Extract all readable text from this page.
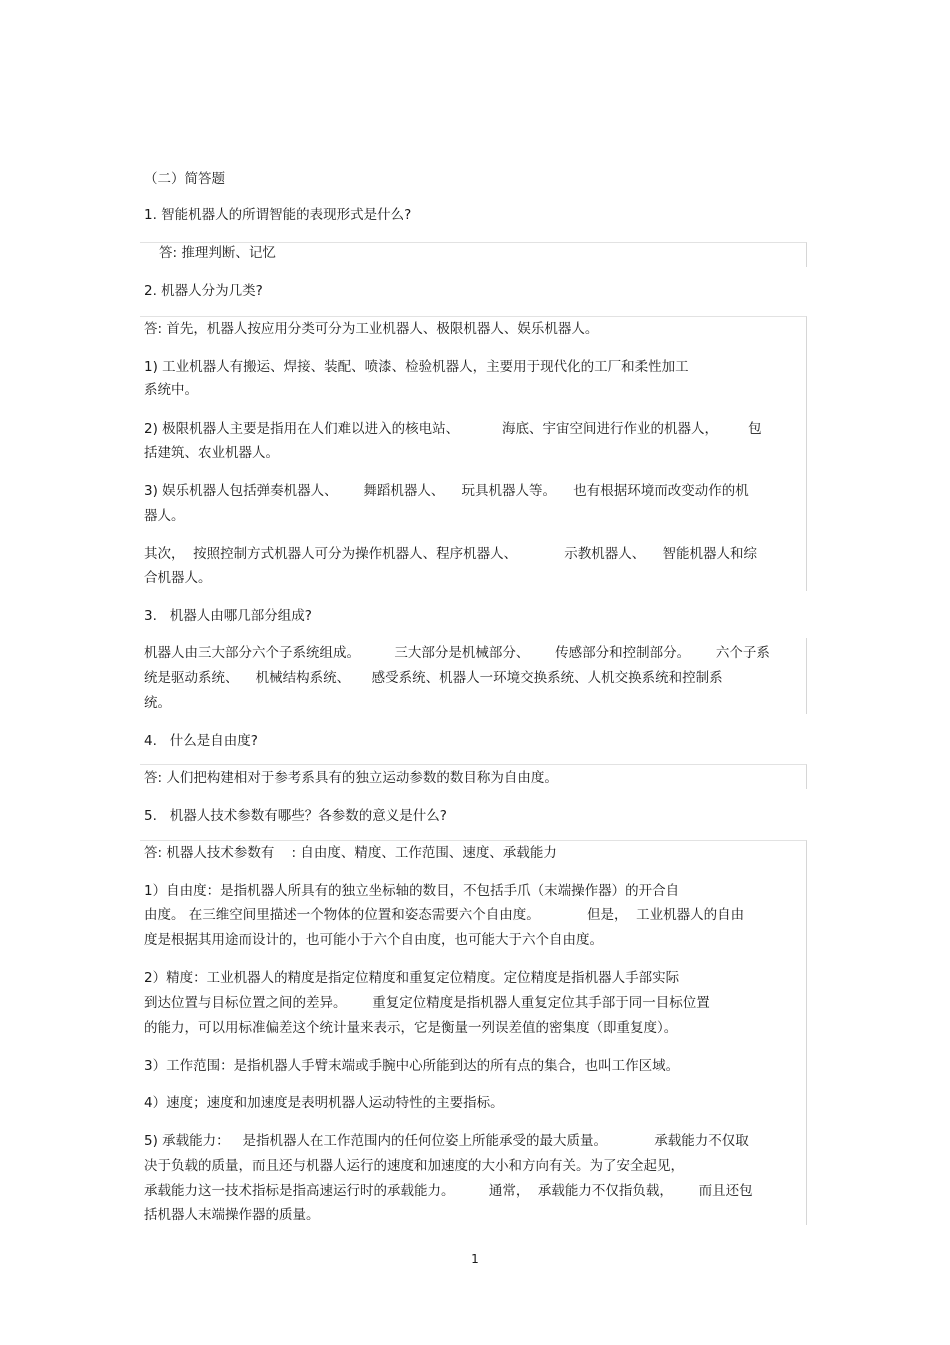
（二）简答题

1. 智能机器人的所谓智能的表现形式是什么?

答: 推理判断、记忆

2. 机器人分为几类?

答: 首先，机器人按应用分类可分为工业机器人、极限机器人、娱乐机器人。

1) 工业机器人有搬运、焊接、装配、喷漆、检验机器人，主要用于现代化的工厂和柔性加工

系统中。

2) 极限机器人主要是指用在人们难以进入的核电站、          海底、宇宙空间进行作业的机器人，       包

括建筑、农业机器人。

3) 娱乐机器人包括弹奏机器人、      舞蹈机器人、    玩具机器人等。    也有根据环境而改变动作的机

器人。

其次，  按照控制方式机器人可分为操作机器人、程序机器人、           示教机器人、    智能机器人和综

合机器人。

3.   机器人由哪几部分组成?

机器人由三大部分六个子系统组成。        三大部分是机械部分、      传感部分和控制部分。      六个子系

统是驱动系统、    机械结构系统、     感受系统、机器人一环境交换系统、人机交换系统和控制系

统。

4.   什么是自由度?

答: 人们把构建相对于参考系具有的独立运动参数的数目称为自由度。

5.   机器人技术参数有哪些？各参数的意义是什么?

答: 机器人技术参数有    : 自由度、精度、工作范围、速度、承载能力

1）自由度：是指机器人所具有的独立坐标轴的数目，不包括手爪（末端操作器）的开合自

由度。 在三维空间里描述一个物体的位置和姿态需要六个自由度。           但是，  工业机器人的自由

度是根据其用途而设计的，也可能小于六个自由度，也可能大于六个自由度。

2）精度：工业机器人的精度是指定位精度和重复定位精度。定位精度是指机器人手部实际

到达位置与目标位置之间的差异。      重复定位精度是指机器人重复定位其手部于同一目标位置

的能力，可以用标准偏差这个统计量来表示，它是衡量一列误差值的密集度（即重复度）。

3）工作范围：是指机器人手臂末端或手腕中心所能到达的所有点的集合，也叫工作区域。

4）速度；速度和加速度是表明机器人运动特性的主要指标。

5) 承载能力：   是指机器人在工作范围内的任何位姿上所能承受的最大质量。           承载能力不仅取

决于负载的质量，而且还与机器人运行的速度和加速度的大小和方向有关。为了安全起见，

承载能力这一技术指标是指高速运行时的承载能力。        通常，  承载能力不仅指负载，      而且还包

括机器人末端操作器的质量。

1
